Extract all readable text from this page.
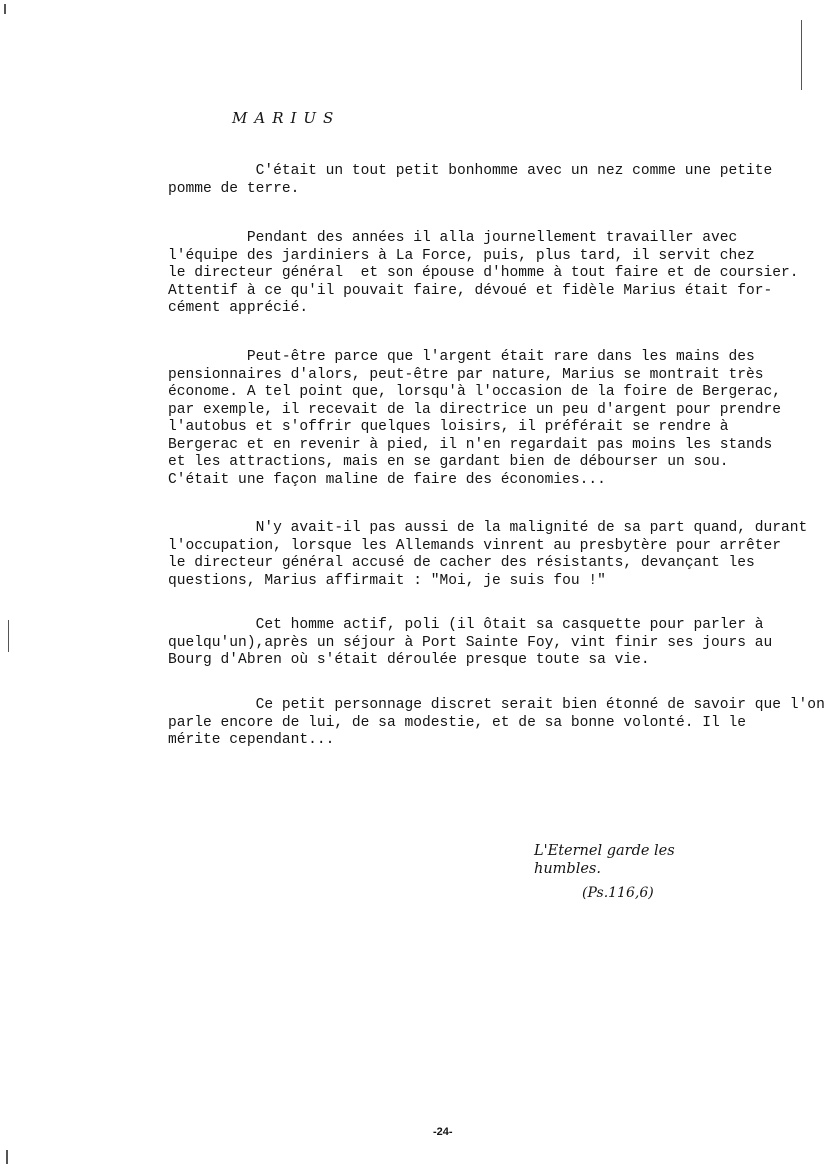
MARIUS
C'était un tout petit bonhomme avec un nez comme une petite
pomme de terre.
Pendant des années il alla journellement travailler avec
l'équipe des jardiniers à La Force, puis, plus tard, il servit chez
le directeur général  et son épouse d'homme à tout faire et de coursier.
Attentif à ce qu'il pouvait faire, dévoué et fidèle Marius était for-
cément apprécié.
Peut-être parce que l'argent était rare dans les mains des
pensionnaires d'alors, peut-être par nature, Marius se montrait très
économe. A tel point que, lorsqu'à l'occasion de la foire de Bergerac,
par exemple, il recevait de la directrice un peu d'argent pour prendre
l'autobus et s'offrir quelques loisirs, il préférait se rendre à
Bergerac et en revenir à pied, il n'en regardait pas moins les stands
et les attractions, mais en se gardant bien de débourser un sou.
C'était une façon maline de faire des économies...
N'y avait-il pas aussi de la malignité de sa part quand, durant
l'occupation, lorsque les Allemands vinrent au presbytère pour arrêter
le directeur général accusé de cacher des résistants, devançant les
questions, Marius affirmait : "Moi, je suis fou !"
Cet homme actif, poli (il ôtait sa casquette pour parler à
quelqu'un),après un séjour à Port Sainte Foy, vint finir ses jours au
Bourg d'Abren où s'était déroulée presque toute sa vie.
Ce petit personnage discret serait bien étonné de savoir que l'on
parle encore de lui, de sa modestie, et de sa bonne volonté. Il le
mérite cependant...
L'Eternel garde les
humbles.
(Ps.116,6)
-24-
